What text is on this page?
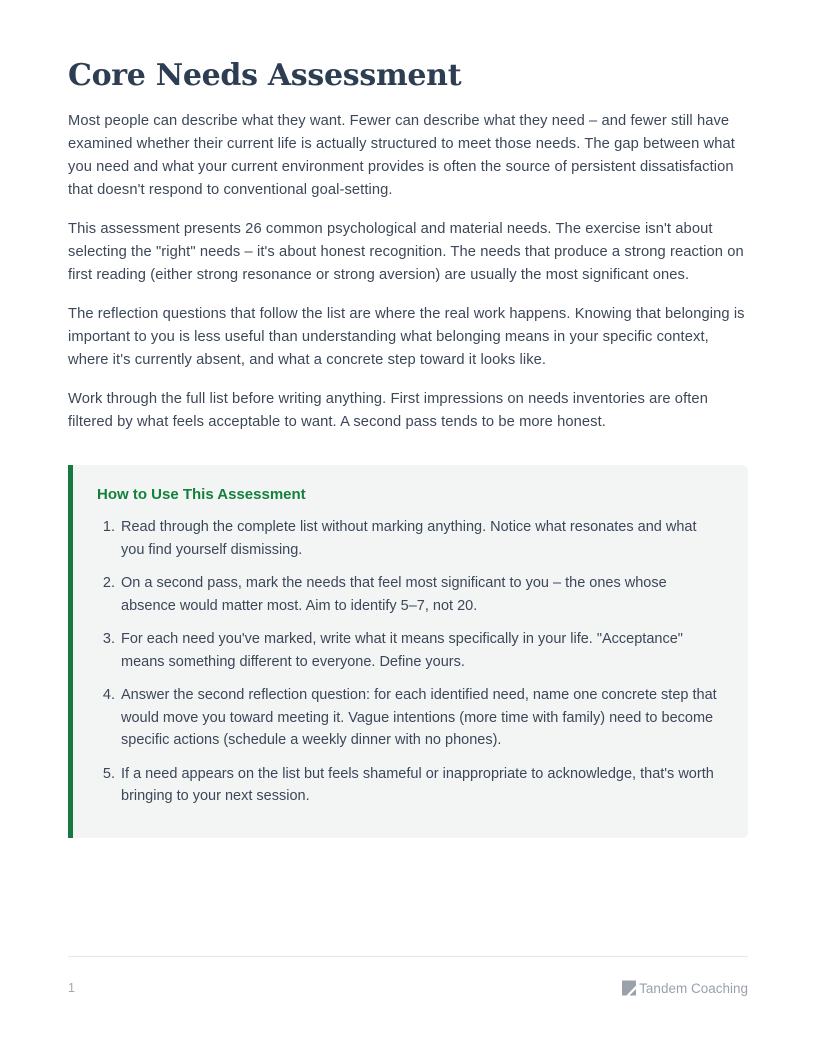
Core Needs Assessment

Most people can describe what they want. Fewer can describe what they need – and fewer still have examined whether their current life is actually structured to meet those needs. The gap between what you need and what your current environment provides is often the source of persistent dissatisfaction that doesn't respond to conventional goal-setting.

This assessment presents 26 common psychological and material needs. The exercise isn't about selecting the "right" needs – it's about honest recognition. The needs that produce a strong reaction on first reading (either strong resonance or strong aversion) are usually the most significant ones.

The reflection questions that follow the list are where the real work happens. Knowing that belonging is important to you is less useful than understanding what belonging means in your specific context, where it's currently absent, and what a concrete step toward it looks like.

Work through the full list before writing anything. First impressions on needs inventories are often filtered by what feels acceptable to want. A second pass tends to be more honest.

How to Use This Assessment
1. Read through the complete list without marking anything. Notice what resonates and what you find yourself dismissing.
2. On a second pass, mark the needs that feel most significant to you – the ones whose absence would matter most. Aim to identify 5–7, not 20.
3. For each need you've marked, write what it means specifically in your life. "Acceptance" means something different to everyone. Define yours.
4. Answer the second reflection question: for each identified need, name one concrete step that would move you toward meeting it. Vague intentions (more time with family) need to become specific actions (schedule a weekly dinner with no phones).
5. If a need appears on the list but feels shameful or inappropriate to acknowledge, that's worth bringing to your next session.
1	Tandem Coaching
